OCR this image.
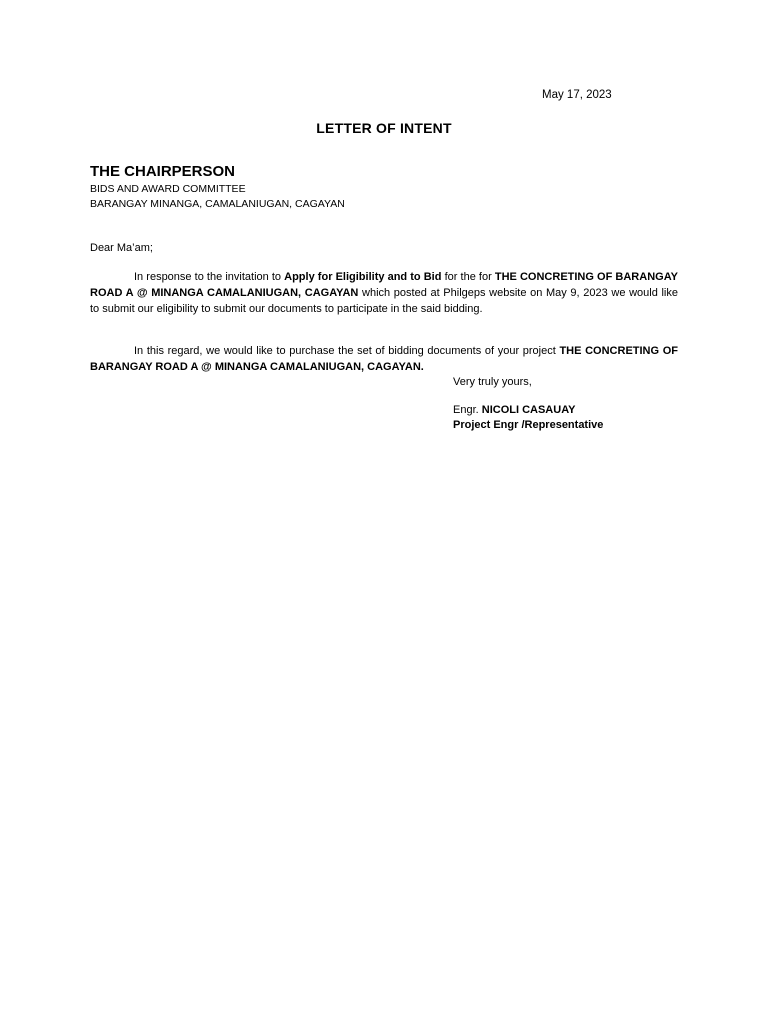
May 17, 2023
LETTER OF INTENT
THE CHAIRPERSON
BIDS AND AWARD COMMITTEE
BARANGAY MINANGA, CAMALANIUGAN, CAGAYAN
Dear Ma’am;
In response to the invitation to Apply for Eligibility and to Bid for the for THE CONCRETING OF BARANGAY ROAD A @ MINANGA CAMALANIUGAN, CAGAYAN which posted at Philgeps website on May 9, 2023 we would like to submit our eligibility to submit our documents to participate in the said bidding.
In this regard, we would like to purchase the set of bidding documents of your project THE CONCRETING OF BARANGAY ROAD A @ MINANGA CAMALANIUGAN, CAGAYAN.
Very truly yours,
Engr. NICOLI CASAUAY
Project Engr /Representative
